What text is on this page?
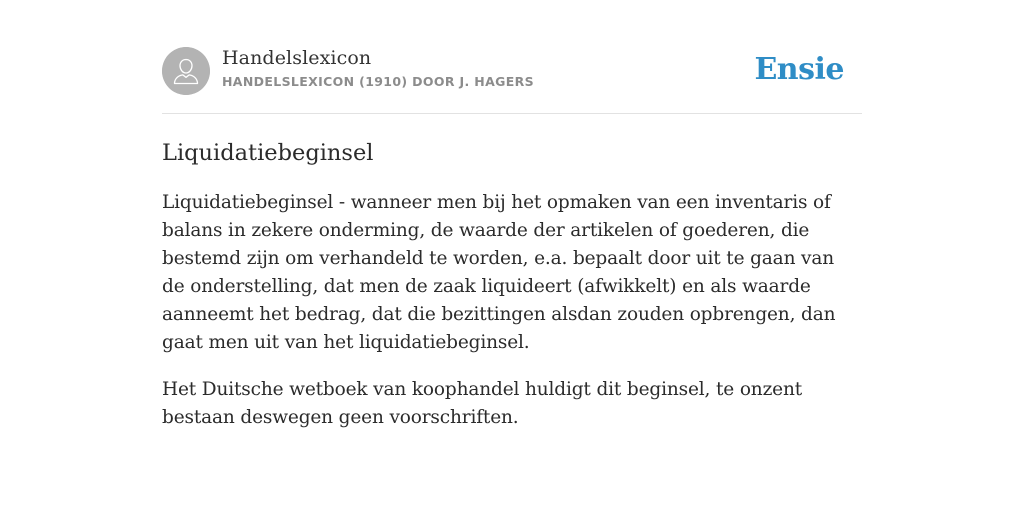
Handelslexicon
HANDELSLEXICON (1910) DOOR J. HAGERS	Ensie
Liquidatiebeginsel

Liquidatiebeginsel - wanneer men bij het opmaken van een inventaris of balans in zekere onderming, de waarde der artikelen of goederen, die bestemd zijn om verhandeld te worden, e.a. bepaalt door uit te gaan van de onderstelling, dat men de zaak liquideert (afwikkelt) en als waarde aanneemt het bedrag, dat die bezittingen alsdan zouden opbrengen, dan gaat men uit van het liquidatiebeginsel.

Het Duitsche wetboek van koophandel huldigt dit beginsel, te onzent bestaan deswegen geen voorschriften.
